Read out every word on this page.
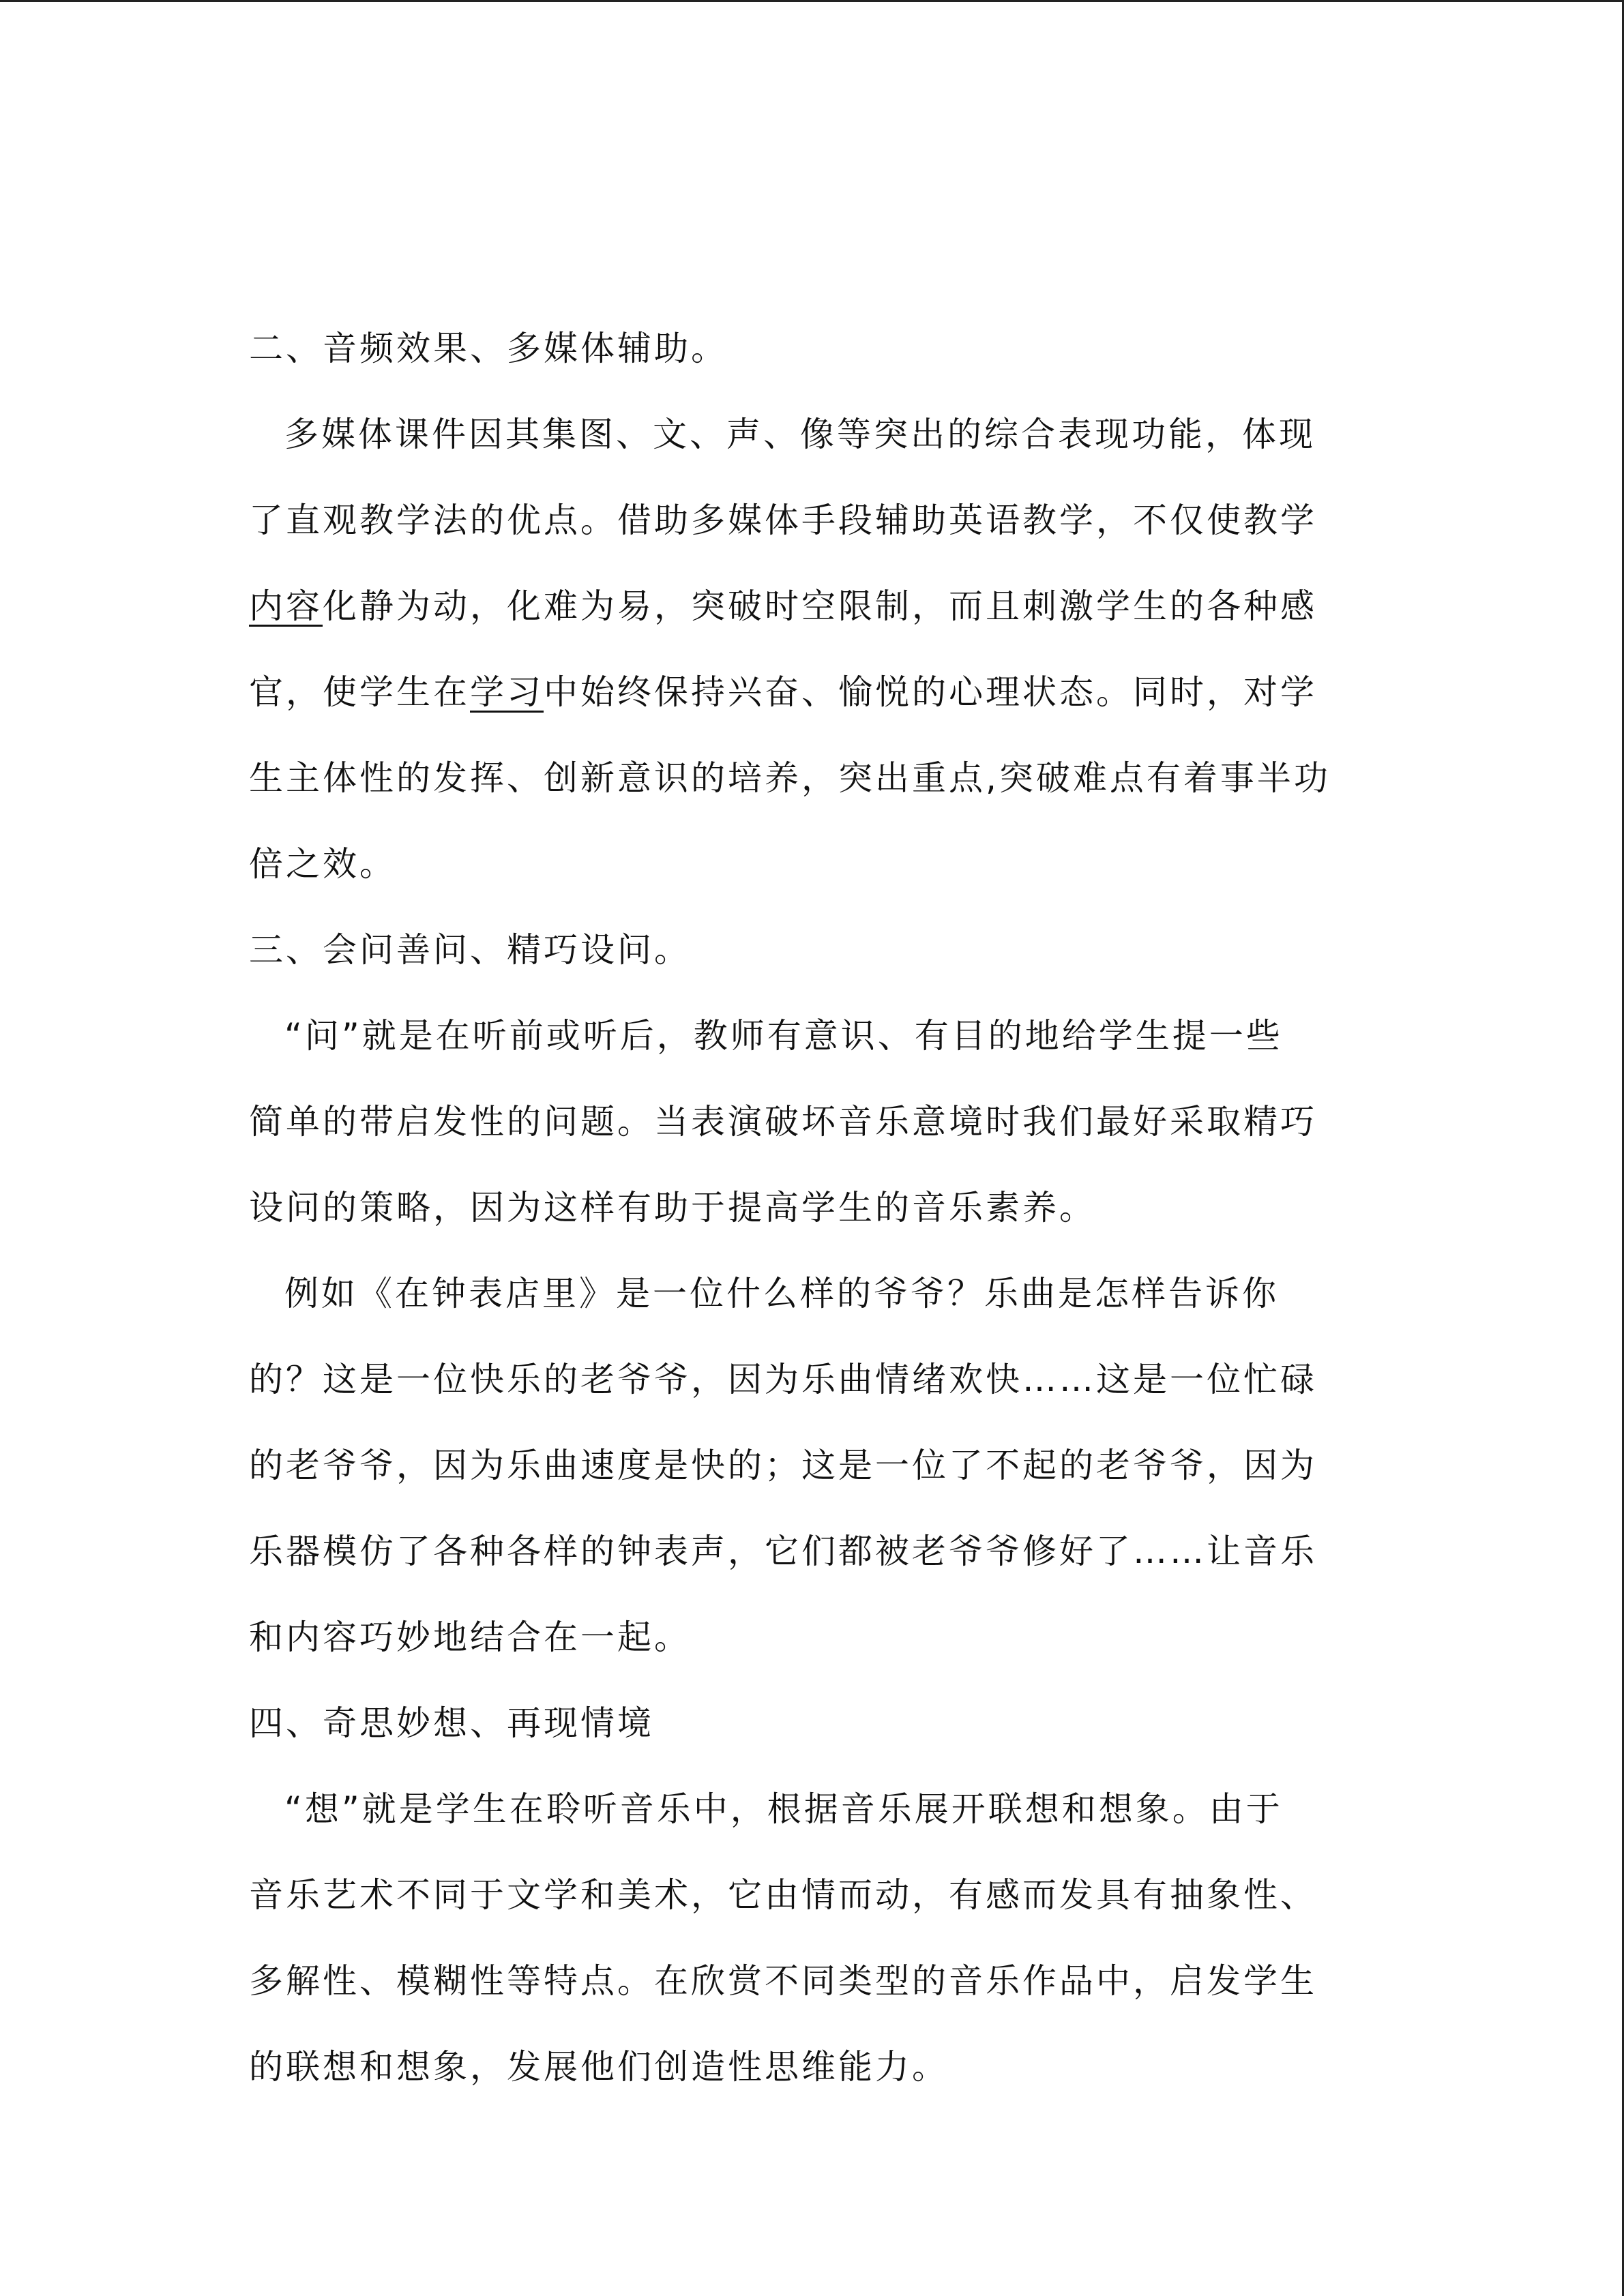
二、音频效果、多媒体辅助。

多媒体课件因其集图、文、声、像等突出的综合表现功能，体现

了直观教学法的优点。借助多媒体手段辅助英语教学，不仅使教学

内容化静为动，化难为易，突破时空限制，而且刺激学生的各种感

官，使学生在学习中始终保持兴奋、愉悦的心理状态。同时，对学

生主体性的发挥、创新意识的培养，突出重点,突破难点有着事半功

倍之效。

三、会问善问、精巧设问。

“问”就是在听前或听后，教师有意识、有目的地给学生提一些

简单的带启发性的问题。当表演破坏音乐意境时我们最好采取精巧

设问的策略，因为这样有助于提高学生的音乐素养。

例如《在钟表店里》是一位什么样的爷爷？乐曲是怎样告诉你

的？这是一位快乐的老爷爷，因为乐曲情绪欢快……这是一位忙碌

的老爷爷，因为乐曲速度是快的；这是一位了不起的老爷爷，因为

乐器模仿了各种各样的钟表声，它们都被老爷爷修好了……让音乐

和内容巧妙地结合在一起。

四、奇思妙想、再现情境

“想”就是学生在聆听音乐中，根据音乐展开联想和想象。由于

音乐艺术不同于文学和美术，它由情而动，有感而发具有抽象性、

多解性、模糊性等特点。在欣赏不同类型的音乐作品中，启发学生

的联想和想象，发展他们创造性思维能力。
